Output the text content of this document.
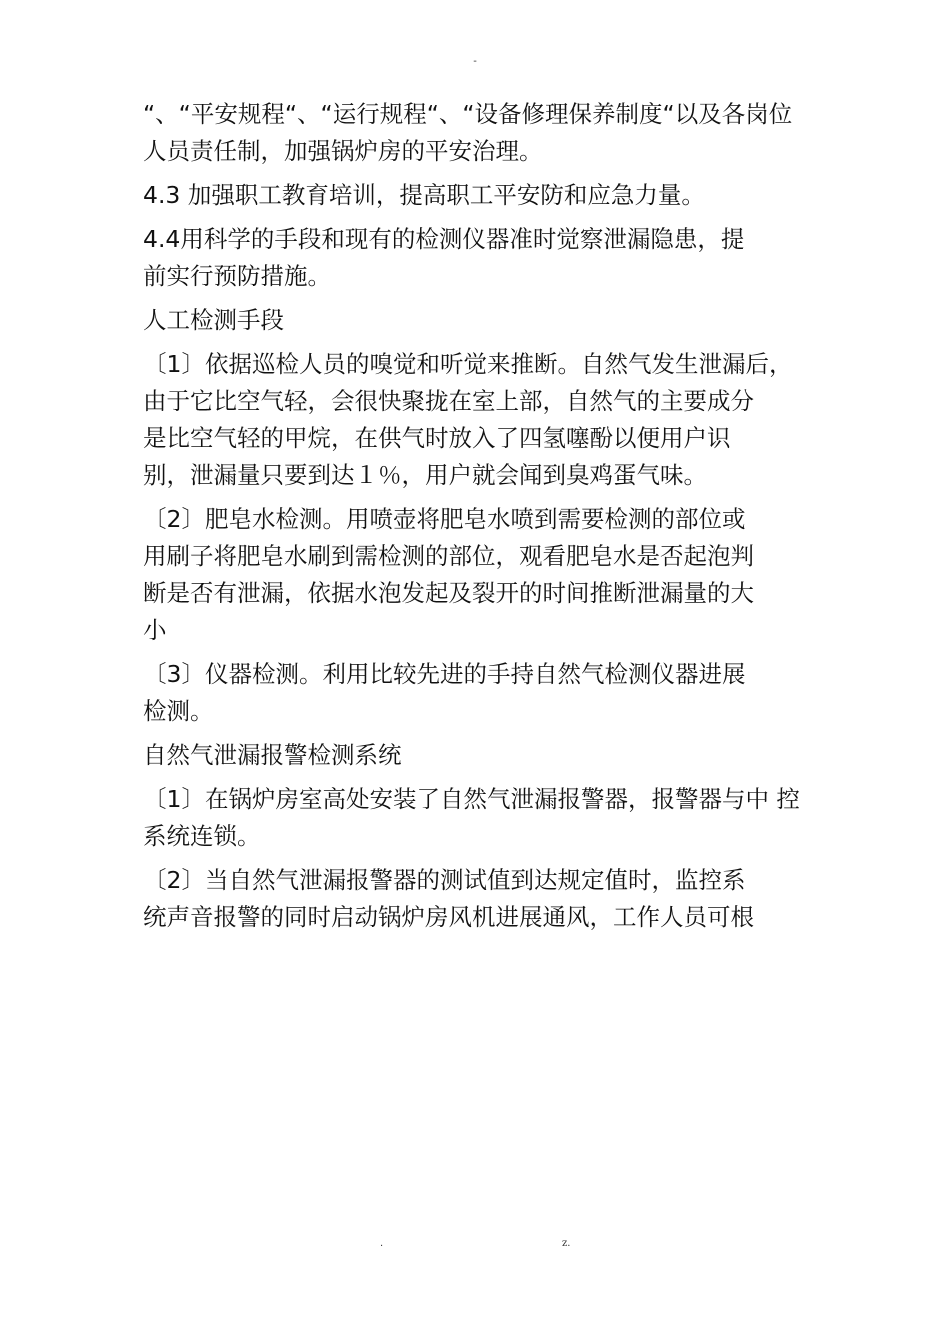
-
“、“平安规程“、“运行规程“、“设备修理保养制度“以及各岗位
人员责任制，加强锅炉房的平安治理。
4.3 加强职工教育培训，提高职工平安防和应急力量。
4.4用科学的手段和现有的检测仪器准时觉察泄漏隐患，提
前实行预防措施。
人工检测手段
〔1〕依据巡检人员的嗅觉和听觉来推断。自然气发生泄漏后，
由于它比空气轻，会很快聚拢在室上部，自然气的主要成分
是比空气轻的甲烷，在供气时放入了四氢噻酚以便用户识
别，泄漏量只要到达１％，用户就会闻到臭鸡蛋气味。
〔2〕肥皂水检测。用喷壶将肥皂水喷到需要检测的部位或
用刷子将肥皂水刷到需检测的部位，观看肥皂水是否起泡判
断是否有泄漏，依据水泡发起及裂开的时间推断泄漏量的大
小
〔3〕仪器检测。利用比较先进的手持自然气检测仪器进展
检测。
自然气泄漏报警检测系统
〔1〕在锅炉房室高处安装了自然气泄漏报警器，报警器与中 控
系统连锁。
〔2〕当自然气泄漏报警器的测试值到达规定值时，监控系
统声音报警的同时启动锅炉房风机进展通风，工作人员可根
.	z.
